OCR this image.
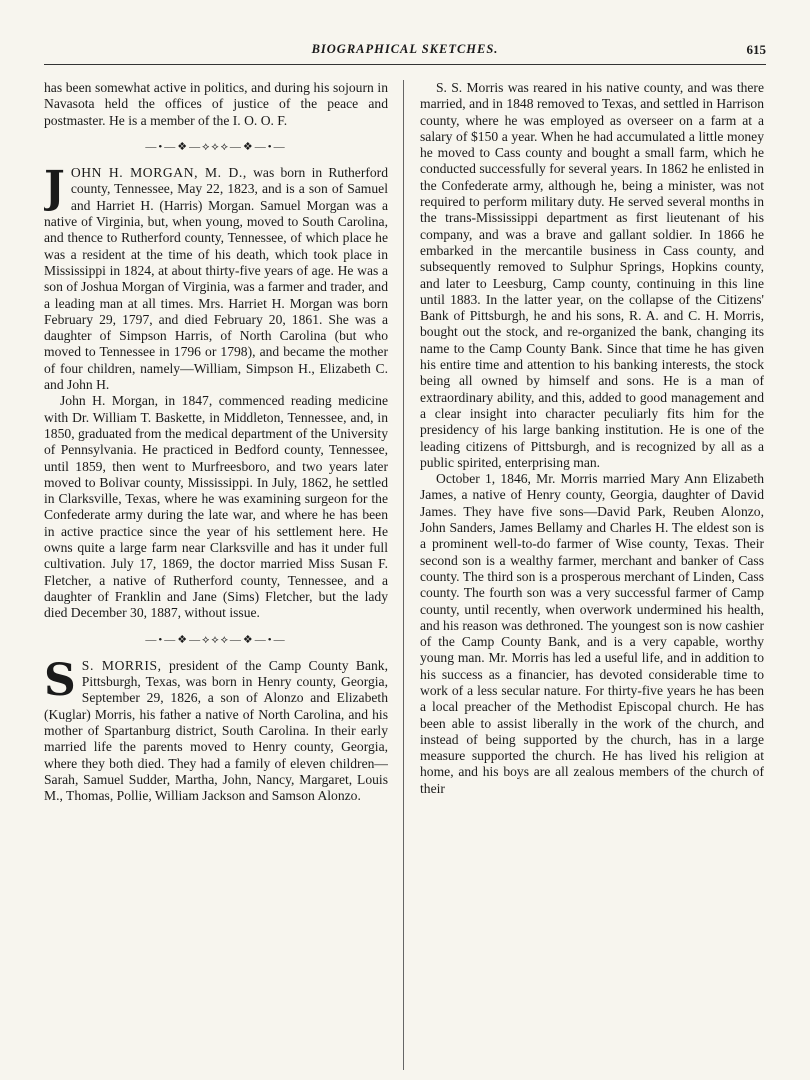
BIOGRAPHICAL SKETCHES.	615

has been somewhat active in politics, and during his sojourn in Navasota held the offices of justice of the peace and postmaster. He is a member of the I. O. O. F.

—•—❖—⟡⟡⟡—❖—•—

JOHN H. MORGAN, M. D., was born in Rutherford county, Tennessee, May 22, 1823, and is a son of Samuel and Harriet H. (Harris) Morgan. Samuel Morgan was a native of Virginia, but, when young, moved to South Carolina, and thence to Rutherford county, Tennessee, of which place he was a resident at the time of his death, which took place in Mississippi in 1824, at about thirty-five years of age. He was a son of Joshua Morgan of Virginia, was a farmer and trader, and a leading man at all times. Mrs. Harriet H. Morgan was born February 29, 1797, and died February 20, 1861. She was a daughter of Simpson Harris, of North Carolina (but who moved to Tennessee in 1796 or 1798), and became the mother of four children, namely—William, Simpson H., Elizabeth C. and John H.

John H. Morgan, in 1847, commenced reading medicine with Dr. William T. Baskette, in Middleton, Tennessee, and, in 1850, graduated from the medical department of the University of Pennsylvania. He practiced in Bedford county, Tennessee, until 1859, then went to Murfreesboro, and two years later moved to Bolivar county, Mississippi. In July, 1862, he settled in Clarksville, Texas, where he was examining surgeon for the Confederate army during the late war, and where he has been in active practice since the year of his settlement here. He owns quite a large farm near Clarksville and has it under full cultivation. July 17, 1869, the doctor married Miss Susan F. Fletcher, a native of Rutherford county, Tennessee, and a daughter of Franklin and Jane (Sims) Fletcher, but the lady died December 30, 1887, without issue.

—•—❖—⟡⟡⟡—❖—•—

S S. MORRIS, president of the Camp County Bank, Pittsburgh, Texas, was born in Henry county, Georgia, September 29, 1826, a son of Alonzo and Elizabeth (Kuglar) Morris, his father a native of North Carolina, and his mother of Spartanburg district, South Carolina. In their early married life the parents moved to Henry county, Georgia, where they both died. They had a family of eleven children—Sarah, Samuel Sudder, Martha, John, Nancy, Margaret, Louis M., Thomas, Pollie, William Jackson and Samson Alonzo.

S. S. Morris was reared in his native county, and was there married, and in 1848 removed to Texas, and settled in Harrison county, where he was employed as overseer on a farm at a salary of $150 a year. When he had accumulated a little money he moved to Cass county and bought a small farm, which he conducted successfully for several years. In 1862 he enlisted in the Confederate army, although he, being a minister, was not required to perform military duty. He served several months in the trans-Mississippi department as first lieutenant of his company, and was a brave and gallant soldier. In 1866 he embarked in the mercantile business in Cass county, and subsequently removed to Sulphur Springs, Hopkins county, and later to Leesburg, Camp county, continuing in this line until 1883. In the latter year, on the collapse of the Citizens' Bank of Pittsburgh, he and his sons, R. A. and C. H. Morris, bought out the stock, and re-organized the bank, changing its name to the Camp County Bank. Since that time he has given his entire time and attention to his banking interests, the stock being all owned by himself and sons. He is a man of extraordinary ability, and this, added to good management and a clear insight into character peculiarly fits him for the presidency of his large banking institution. He is one of the leading citizens of Pittsburgh, and is recognized by all as a public spirited, enterprising man.

October 1, 1846, Mr. Morris married Mary Ann Elizabeth James, a native of Henry county, Georgia, daughter of David James. They have five sons—David Park, Reuben Alonzo, John Sanders, James Bellamy and Charles H. The eldest son is a prominent well-to-do farmer of Wise county, Texas. Their second son is a wealthy farmer, merchant and banker of Cass county. The third son is a prosperous merchant of Linden, Cass county. The fourth son was a very successful farmer of Camp county, until recently, when overwork undermined his health, and his reason was dethroned. The youngest son is now cashier of the Camp County Bank, and is a very capable, worthy young man. Mr. Morris has led a useful life, and in addition to his success as a financier, has devoted considerable time to work of a less secular nature. For thirty-five years he has been a local preacher of the Methodist Episcopal church. He has been able to assist liberally in the work of the church, and instead of being supported by the church, has in a large measure supported the church. He has lived his religion at home, and his boys are all zealous members of the church of their
